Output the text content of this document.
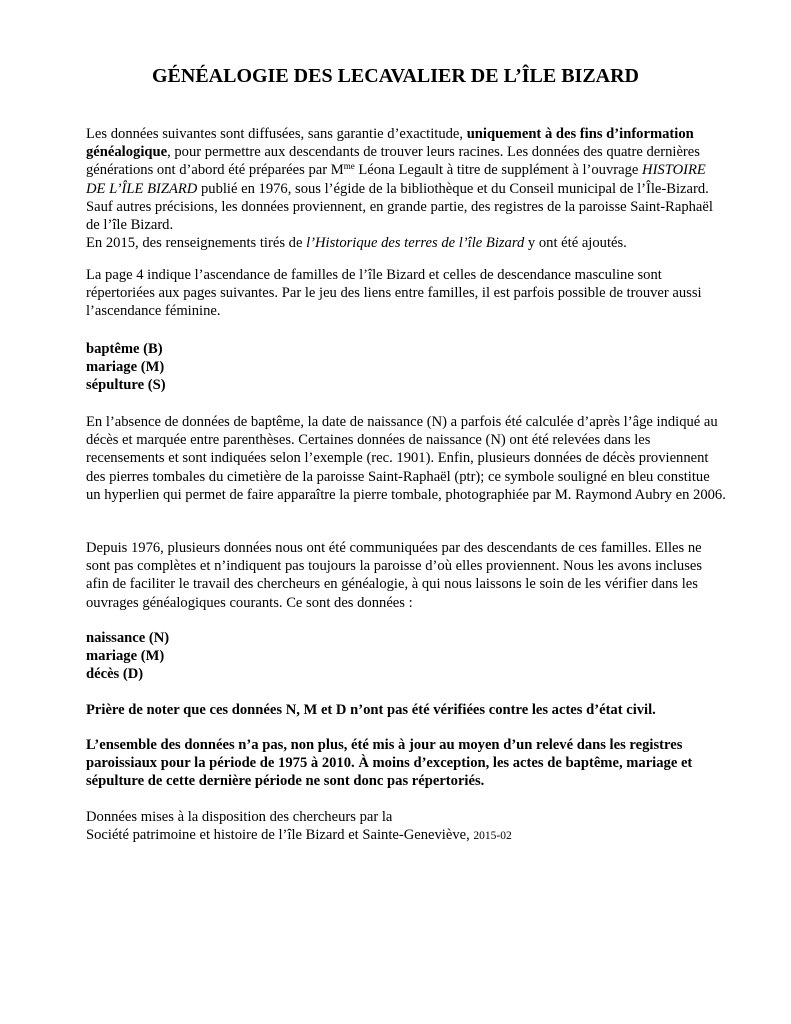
GÉNÉALOGIE DES LECAVALIER DE L’ÎLE BIZARD

Les données suivantes sont diffusées, sans garantie d’exactitude, uniquement à des fins d’information généalogique, pour permettre aux descendants de trouver leurs racines. Les données des quatre dernières générations ont d’abord été préparées par $M^{me}$ Léona Legault à titre de supplément à l’ouvrage HISTOIRE DE L’ÎLE BIZARD publié en 1976, sous l’égide de la bibliothèque et du Conseil municipal de l’Île-Bizard. Sauf autres précisions, les données proviennent, en grande partie, des registres de la paroisse Saint-Raphaël de l’île Bizard.
En 2015, des renseignements tirés de l’Historique des terres de l’île Bizard y ont été ajoutés.

La page 4 indique l’ascendance de familles de l’île Bizard et celles de descendance masculine sont répertoriées aux pages suivantes. Par le jeu des liens entre familles, il est parfois possible de trouver aussi l’ascendance féminine.

baptême (B)
mariage (M)
sépulture (S)

En l’absence de données de baptême, la date de naissance (N) a parfois été calculée d’après l’âge indiqué au décès et marquée entre parenthèses. Certaines données de naissance (N) ont été relevées dans les recensements et sont indiquées selon l’exemple (rec. 1901). Enfin, plusieurs données de décès proviennent des pierres tombales du cimetière de la paroisse Saint-Raphaël (ptr); ce symbole souligné en bleu constitue un hyperlien qui permet de faire apparaître la pierre tombale, photographiée par M. Raymond Aubry en 2006.

Depuis 1976, plusieurs données nous ont été communiquées par des descendants de ces familles. Elles ne sont pas complètes et n’indiquent pas toujours la paroisse d’où elles proviennent. Nous les avons incluses afin de faciliter le travail des chercheurs en généalogie, à qui nous laissons le soin de les vérifier dans les ouvrages généalogiques courants. Ce sont des données :

naissance (N)
mariage (M)
décès (D)

Prière de noter que ces données N, M et D n’ont pas été vérifiées contre les actes d’état civil.

L’ensemble des données n’a pas, non plus, été mis à jour au moyen d’un relevé dans les registres paroissiaux pour la période de 1975 à 2010. À moins d’exception, les actes de baptême, mariage et sépulture de cette dernière période ne sont donc pas répertoriés.

Données mises à la disposition des chercheurs par la
Société patrimoine et histoire de l’île Bizard et Sainte-Geneviève, 2015-02
